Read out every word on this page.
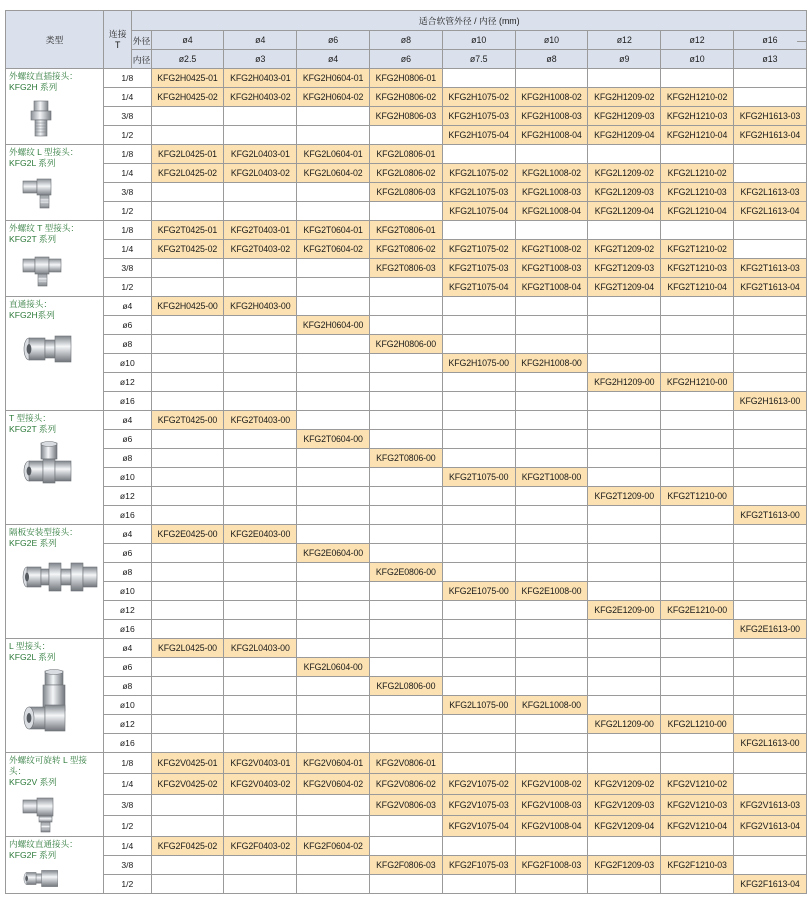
类型	连接
T	适合软管外径 / 内径 (mm)									
		外径	ø4	ø4	ø6	ø8	ø10	ø10	ø12	ø12	ø16
		内径	ø2.5	ø3	ø4	ø6	ø7.5	ø8	ø9	ø10	ø13

外螺纹直插接头：
KFG2H 系列	1/8		KFG2H0425-01	KFG2H0403-01	KFG2H0604-01	KFG2H0806-01					
	1/4		KFG2H0425-02	KFG2H0403-02	KFG2H0604-02	KFG2H0806-02	KFG2H1075-02	KFG2H1008-02	KFG2H1209-02	KFG2H1210-02	
	3/8					KFG2H0806-03	KFG2H1075-03	KFG2H1008-03	KFG2H1209-03	KFG2H1210-03	KFG2H1613-03
	1/2						KFG2H1075-04	KFG2H1008-04	KFG2H1209-04	KFG2H1210-04	KFG2H1613-04

外螺纹 L 型接头：
KFG2L 系列	1/8		KFG2L0425-01	KFG2L0403-01	KFG2L0604-01	KFG2L0806-01					
	1/4		KFG2L0425-02	KFG2L0403-02	KFG2L0604-02	KFG2L0806-02	KFG2L1075-02	KFG2L1008-02	KFG2L1209-02	KFG2L1210-02	
	3/8					KFG2L0806-03	KFG2L1075-03	KFG2L1008-03	KFG2L1209-03	KFG2L1210-03	KFG2L1613-03
	1/2						KFG2L1075-04	KFG2L1008-04	KFG2L1209-04	KFG2L1210-04	KFG2L1613-04

外螺纹 T 型接头：
KFG2T 系列	1/8		KFG2T0425-01	KFG2T0403-01	KFG2T0604-01	KFG2T0806-01					
	1/4		KFG2T0425-02	KFG2T0403-02	KFG2T0604-02	KFG2T0806-02	KFG2T1075-02	KFG2T1008-02	KFG2T1209-02	KFG2T1210-02	
	3/8					KFG2T0806-03	KFG2T1075-03	KFG2T1008-03	KFG2T1209-03	KFG2T1210-03	KFG2T1613-03
	1/2						KFG2T1075-04	KFG2T1008-04	KFG2T1209-04	KFG2T1210-04	KFG2T1613-04

直通接头：
KFG2H系列	ø4		KFG2H0425-00	KFG2H0403-00							
	ø6				KFG2H0604-00						
	ø8					KFG2H0806-00					
	ø10						KFG2H1075-00	KFG2H1008-00			
	ø12								KFG2H1209-00	KFG2H1210-00	
	ø16										KFG2H1613-00

T 型接头：
KFG2T 系列	ø4		KFG2T0425-00	KFG2T0403-00							
	ø6				KFG2T0604-00						
	ø8					KFG2T0806-00					
	ø10						KFG2T1075-00	KFG2T1008-00			
	ø12								KFG2T1209-00	KFG2T1210-00	
	ø16										KFG2T1613-00

隔板安装型接头：
KFG2E 系列	ø4		KFG2E0425-00	KFG2E0403-00							
	ø6				KFG2E0604-00						
	ø8					KFG2E0806-00					
	ø10						KFG2E1075-00	KFG2E1008-00			
	ø12								KFG2E1209-00	KFG2E1210-00	
	ø16										KFG2E1613-00

L 型接头：
KFG2L 系列	ø4		KFG2L0425-00	KFG2L0403-00							
	ø6				KFG2L0604-00						
	ø8					KFG2L0806-00					
	ø10						KFG2L1075-00	KFG2L1008-00			
	ø12								KFG2L1209-00	KFG2L1210-00	
	ø16										KFG2L1613-00

外螺纹可旋转 L 型接头：
KFG2V 系列	1/8		KFG2V0425-01	KFG2V0403-01	KFG2V0604-01	KFG2V0806-01					
	1/4		KFG2V0425-02	KFG2V0403-02	KFG2V0604-02	KFG2V0806-02	KFG2V1075-02	KFG2V1008-02	KFG2V1209-02	KFG2V1210-02	
	3/8					KFG2V0806-03	KFG2V1075-03	KFG2V1008-03	KFG2V1209-03	KFG2V1210-03	KFG2V1613-03
	1/2						KFG2V1075-04	KFG2V1008-04	KFG2V1209-04	KFG2V1210-04	KFG2V1613-04

内螺纹直通接头：
KFG2F 系列	1/4		KFG2F0425-02	KFG2F0403-02	KFG2F0604-02						
	3/8					KFG2F0806-03	KFG2F1075-03	KFG2F1008-03	KFG2F1209-03	KFG2F1210-03	
	1/2										KFG2F1613-04
